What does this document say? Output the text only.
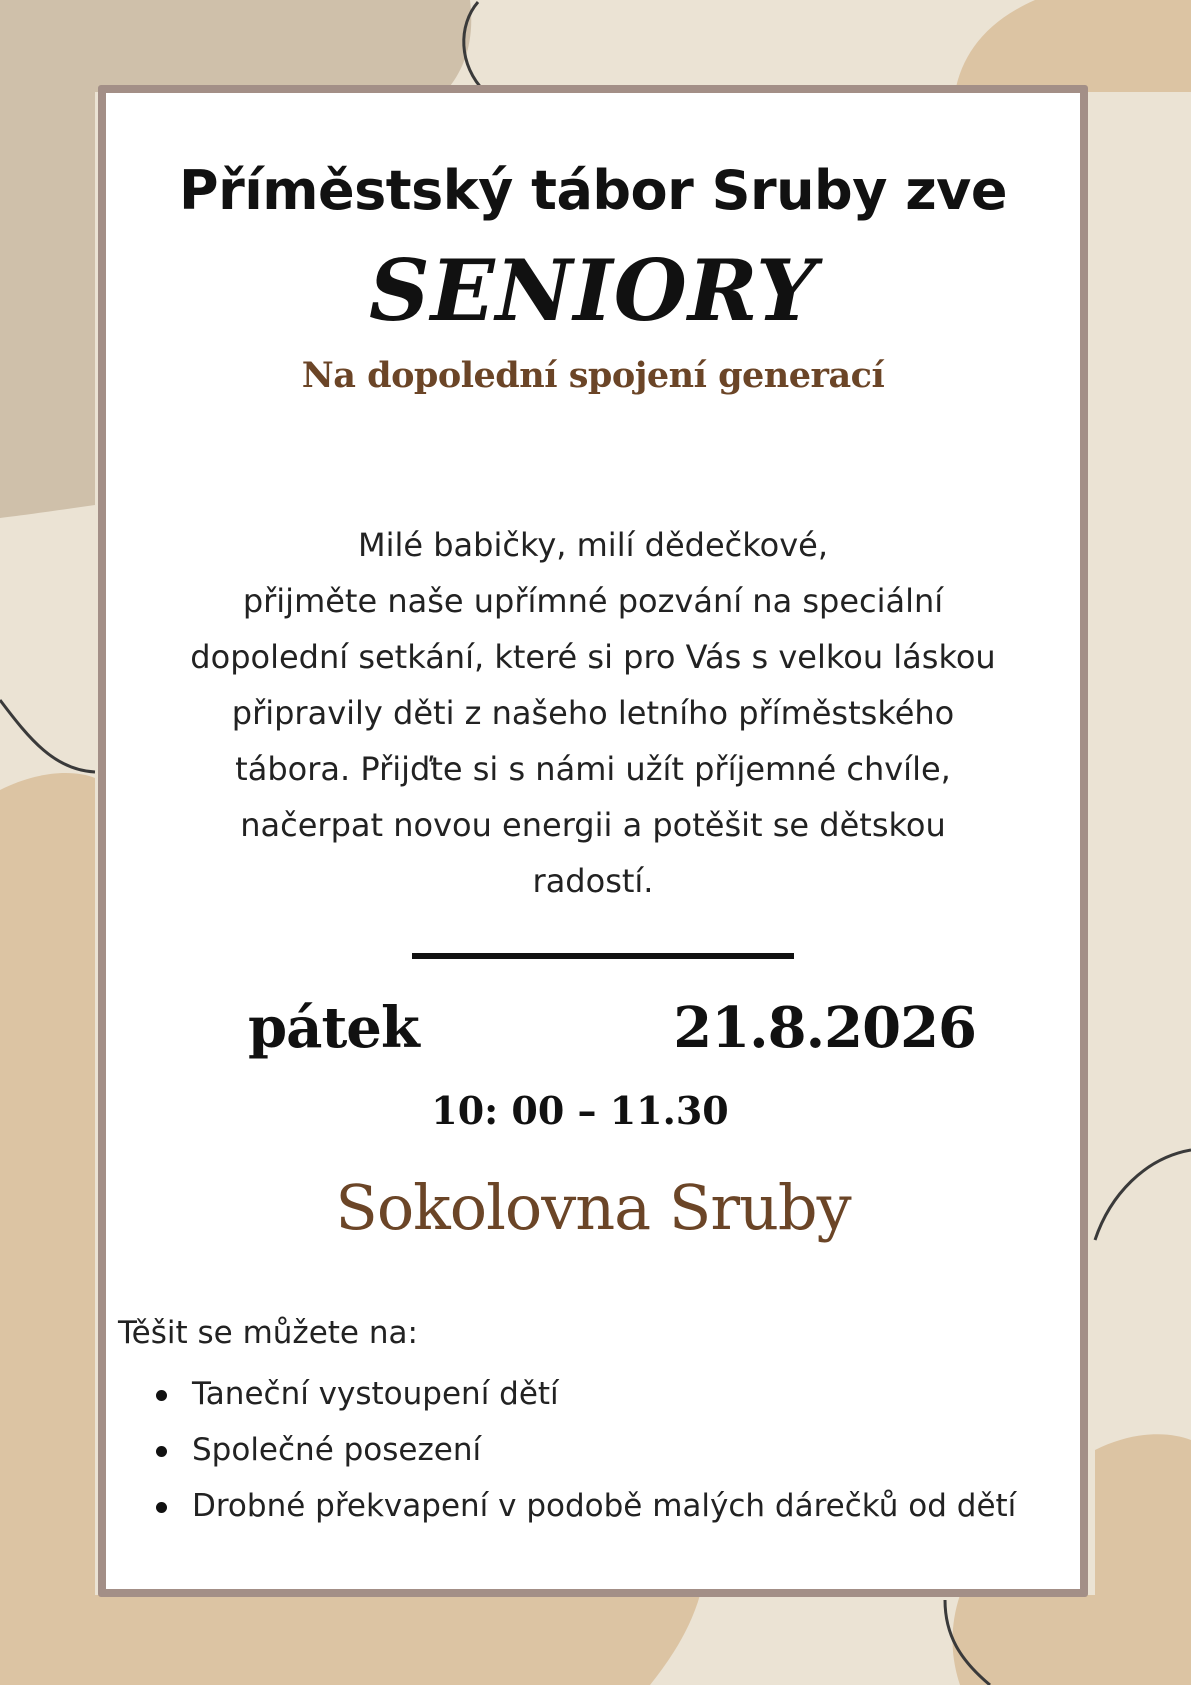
Příměstský tábor Sruby zve
SENIORY
Na dopolední spojení generací
Milé babičky, milí dědečkové,
přijměte naše upřímné pozvání na speciální
dopolední setkání, které si pro Vás s velkou láskou
připravily děti z našeho letního příměstského
tábora. Přijďte si s námi užít příjemné chvíle,
načerpat novou energii a potěšit se dětskou
radostí.
pátek	21.8.2026
10: 00 – 11.30
Sokolovna Sruby
Těšit se můžete na:
Taneční vystoupení dětí
Společné posezení
Drobné překvapení v podobě malých dárečků od dětí
